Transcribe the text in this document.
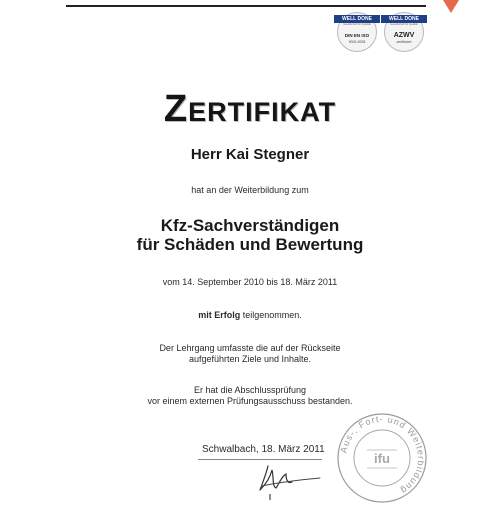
WELL DONE
Gesellschaft für Qualität
DIN EN ISO
9001:2008
WELL DONE
Gesellschaft für Qualität
AZWV
zertifiziert
ZERTIFIKAT
Herr Kai Stegner
hat an der Weiterbildung zum
Kfz-Sachverständigen
für Schäden und Bewertung
vom 14. September 2010 bis 18. März 2011
mit Erfolg teilgenommen.
Der Lehrgang umfasste die auf der Rückseite
aufgeführten Ziele und Inhalte.
Er hat die Abschlussprüfung
vor einem externen Prüfungsausschuss bestanden.
Schwalbach, 18. März 2011 Aus-, Fort- und Weiterbildung
ifu
